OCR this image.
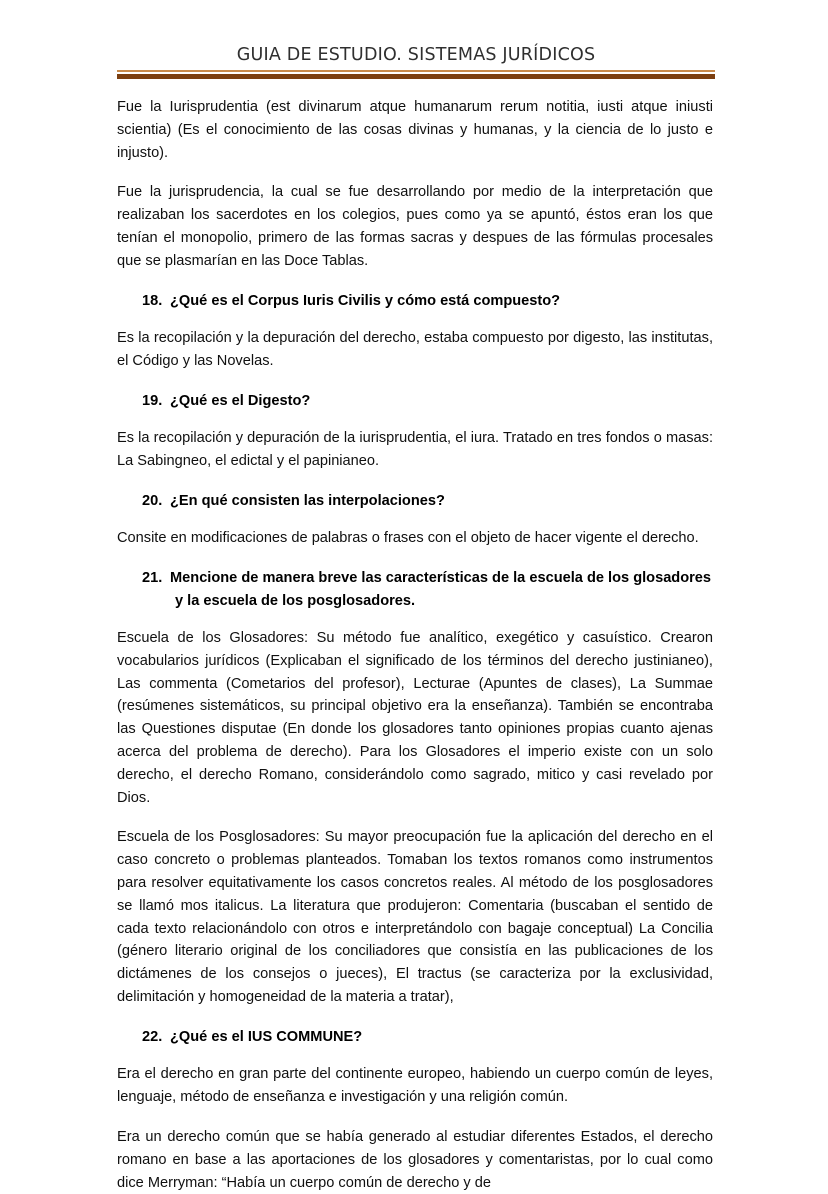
GUIA DE ESTUDIO. SISTEMAS JURÍDICOS

Fue la Iurisprudentia (est divinarum atque humanarum rerum notitia, iusti atque iniusti scientia) (Es el conocimiento de las cosas divinas y humanas, y la ciencia de lo justo e injusto).

Fue la jurisprudencia, la cual se fue desarrollando por medio de la interpretación que realizaban los sacerdotes en los colegios, pues como ya se apuntó, éstos eran los que tenían el monopolio, primero de las formas sacras y despues de las fórmulas procesales que se plasmarían en las Doce Tablas.

18. ¿Qué es el Corpus Iuris Civilis y cómo está compuesto?

Es la recopilación y la depuración del derecho, estaba compuesto por digesto, las institutas, el Código y las Novelas.

19. ¿Qué es el Digesto?

Es la recopilación y depuración de la iurisprudentia, el iura. Tratado en tres fondos o masas: La Sabingneo, el edictal y el papinianeo.

20. ¿En qué consisten las interpolaciones?

Consite en modificaciones de palabras o frases con el objeto de hacer vigente el derecho.

21. Mencione de manera breve las características de la escuela de los glosadores y la escuela de los posglosadores.

Escuela de los Glosadores: Su método fue analítico, exegético y casuístico. Crearon vocabularios jurídicos (Explicaban el significado de los términos del derecho justinianeo), Las commenta (Cometarios del profesor), Lecturae (Apuntes de clases), La Summae (resúmenes sistemáticos, su principal objetivo era la enseñanza). También se encontraba las Questiones disputae (En donde los glosadores tanto opiniones propias cuanto ajenas acerca del problema de derecho). Para los Glosadores el imperio existe con un solo derecho, el derecho Romano, considerándolo como sagrado, mitico y casi revelado por Dios.

Escuela de los Posglosadores: Su mayor preocupación fue la aplicación del derecho en el caso concreto o problemas planteados. Tomaban los textos romanos como instrumentos para resolver equitativamente los casos concretos reales. Al método de los posglosadores se llamó mos italicus. La literatura que produjeron: Comentaria (buscaban el sentido de cada texto relacionándolo con otros e interpretándolo con bagaje conceptual) La Concilia (género literario original de los conciliadores que consistía en las publicaciones de los dictámenes de los consejos o jueces), El tractus (se caracteriza por la exclusividad, delimitación y homogeneidad de la materia a tratar),

22. ¿Qué es el IUS COMMUNE?

Era el derecho en gran parte del continente europeo, habiendo un cuerpo común de leyes, lenguaje, método de enseñanza e investigación y una religión común.

Era un derecho común que se había generado al estudiar diferentes Estados, el derecho romano en base a las aportaciones de los glosadores y comentaristas, por lo cual como dice Merryman: “Había un cuerpo común de derecho y de
